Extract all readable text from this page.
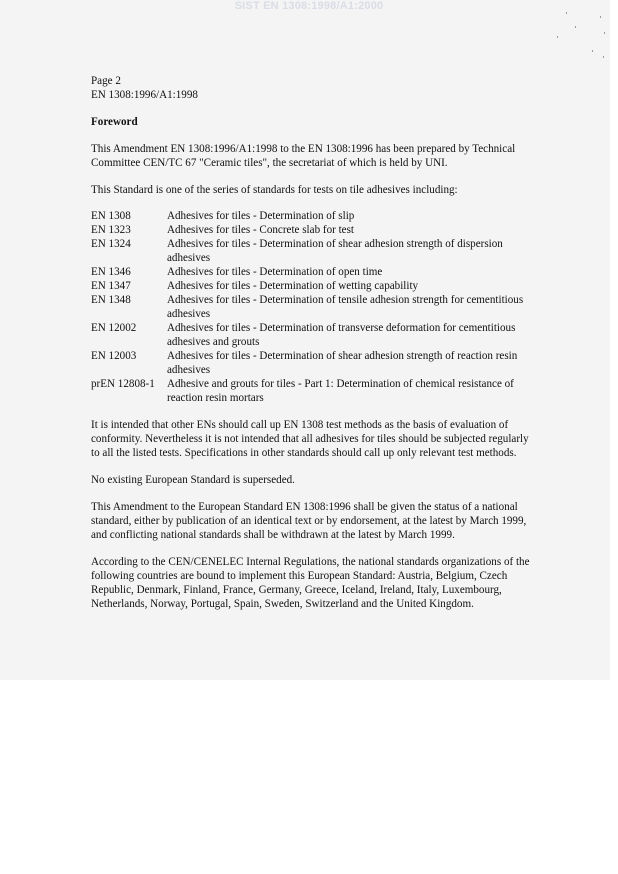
SIST EN 1308:1998/A1:2000
Page 2
EN 1308:1996/A1:1998
Foreword

This Amendment EN 1308:1996/A1:1998 to the EN 1308:1996 has been prepared by Technical Committee CEN/TC 67 "Ceramic tiles", the secretariat of which is held by UNI.

This Standard is one of the series of standards for tests on tile adhesives including:

EN 1308	Adhesives for tiles - Determination of slip
EN 1323	Adhesives for tiles - Concrete slab for test
EN 1324	Adhesives for tiles - Determination of shear adhesion strength of dispersion adhesives
EN 1346	Adhesives for tiles - Determination of open time
EN 1347	Adhesives for tiles - Determination of wetting capability
EN 1348	Adhesives for tiles - Determination of tensile adhesion strength for cementitious adhesives
EN 12002	Adhesives for tiles - Determination of transverse deformation for cementitious adhesives and grouts
EN 12003	Adhesives for tiles - Determination of shear adhesion strength of reaction resin adhesives
prEN 12808-1	Adhesive and grouts for tiles - Part 1: Determination of chemical resistance of reaction resin mortars

It is intended that other ENs should call up EN 1308 test methods as the basis of evaluation of conformity. Nevertheless it is not intended that all adhesives for tiles should be subjected regularly to all the listed tests. Specifications in other standards should call up only relevant test methods.

No existing European Standard is superseded.

This Amendment to the European Standard EN 1308:1996 shall be given the status of a national standard, either by publication of an identical text or by endorsement, at the latest by March 1999, and conflicting national standards shall be withdrawn at the latest by March 1999.

According to the CEN/CENELEC Internal Regulations, the national standards organizations of the following countries are bound to implement this European Standard: Austria, Belgium, Czech Republic, Denmark, Finland, France, Germany, Greece, Iceland, Ireland, Italy, Luxembourg, Netherlands, Norway, Portugal, Spain, Sweden, Switzerland and the United Kingdom.
